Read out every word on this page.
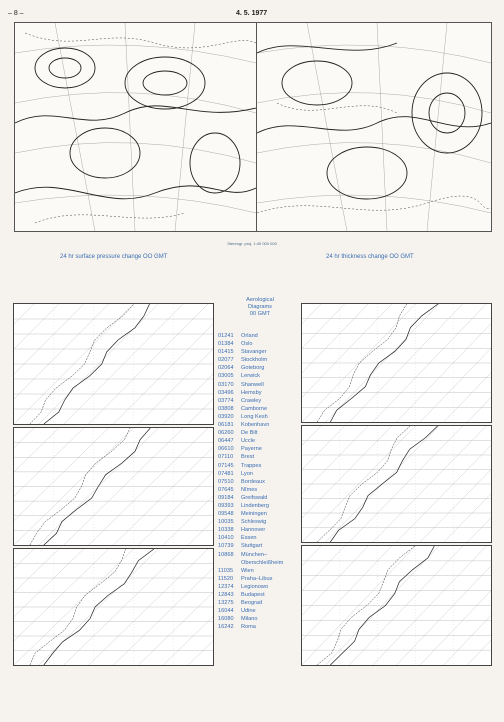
– 8 –	4. 5. 1977
Stereogr. proj. 1:40 000 000
24 hr surface pressure change OO GMT	24 hr thickness change OO GMT
Aerological
Diagrams
00 GMT
01241	Orland
01384	Oslo
01415	Stavanger
02077	Stockholm
02064	Goteborg
03005	Lerwick
03170	Shanwell
03496	Hemsby
03774	Crawley
03808	Camborne
03920	Long Kesh
06181	Kobenhavn
06260	De Bilt
06447	Uccle
06610	Payerne
07110	Brest
07145	Trappes
07481	Lyon
07510	Bordeaux
07645	Nîmes
09184	Greifswald
09393	Lindenberg
09548	Meiningen
10035	Schleswig
10338	Hannover
10410	Essen
10739	Stuttgart
10868	München–
Oberschleißheim
11035	Wien
11520	Praha–Libus
12374	Legionowo
12843	Budapest
13275	Beograd
16044	Udine
16080	Milano
16242	Roma
